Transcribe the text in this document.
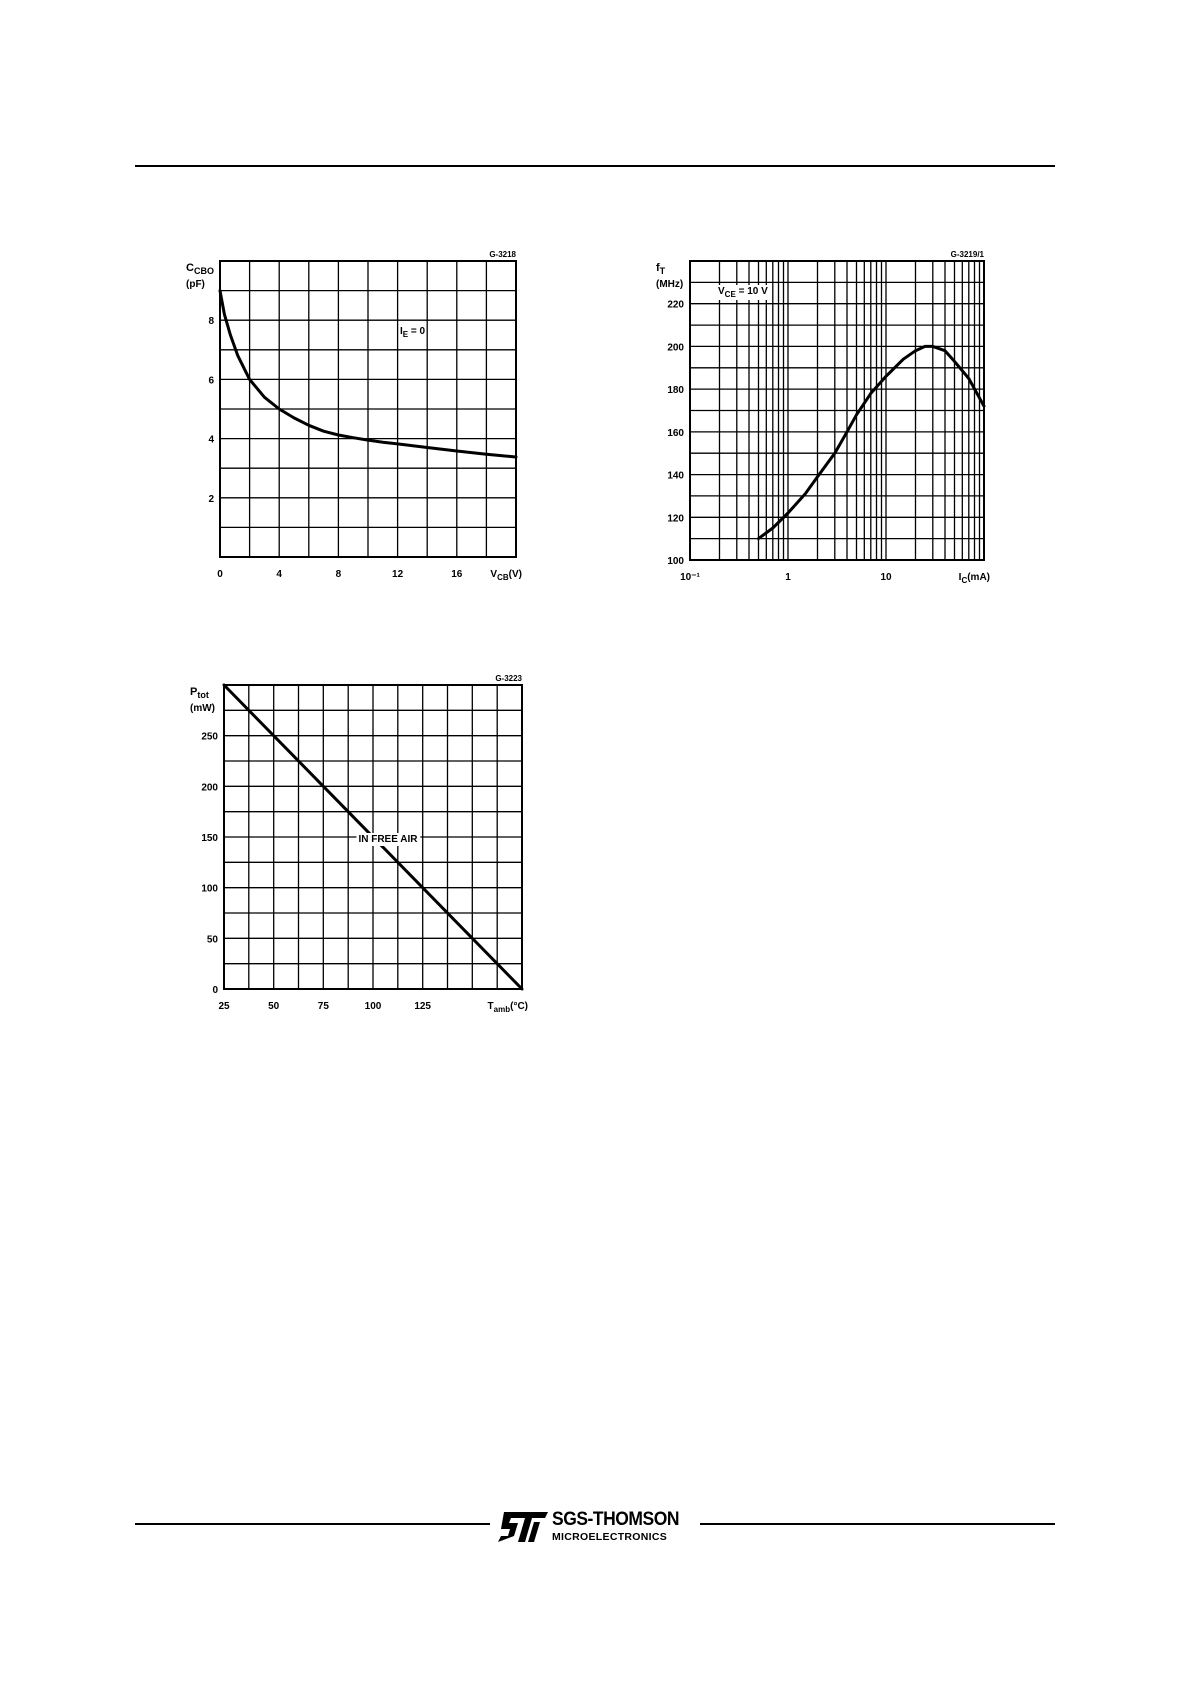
0	4	8	12	16
2
4
6
8
G-3218
$C_{CBO}$
(pF)
$V_{CB}(V)$
$I_E = 0$
10⁻¹	1	10
100
120
140
160
180
200
220
G-3219/1
$f_T$
(MHz)
$I_C(mA)$
$V_{CE} = 10$ V
25	50	75	100	125
0
50
100
150
200
250
G-3223
$P_{tot}$
(mW)
$T_{amb}(^\circ C)$
IN FREE AIR
SGS-THOMSON
MICROELECTRONICS
